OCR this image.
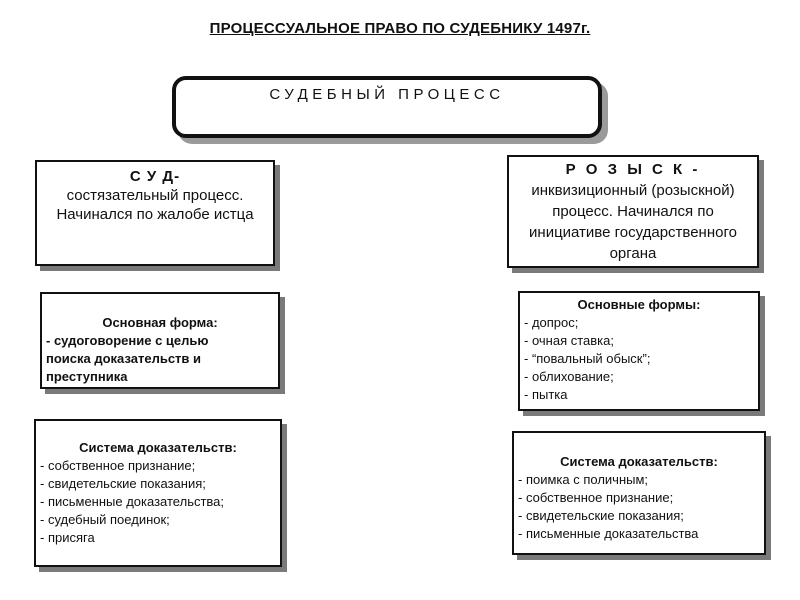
ПРОЦЕССУАЛЬНОЕ ПРАВО ПО СУДЕБНИКУ 1497г.
СУДЕБНЫЙ ПРОЦЕСС
С У Д-
состязательный процесс.
Начинался по жалобе истца
Р О З Ы С К -
инквизиционный (розыскной)
процесс. Начинался по
инициативе государственного
органа
Основная форма:
- судоговорение с целью
поиска доказательств и
преступника
Основные формы:
- допрос;
- очная ставка;
- “повальный обыск”;
- облихование;
- пытка
Система доказательств:
- собственное признание;
- свидетельские показания;
- письменные доказательства;
- судебный поединок;
- присяга
Система доказательств:
- поимка с поличным;
- собственное признание;
- свидетельские показания;
- письменные доказательства
